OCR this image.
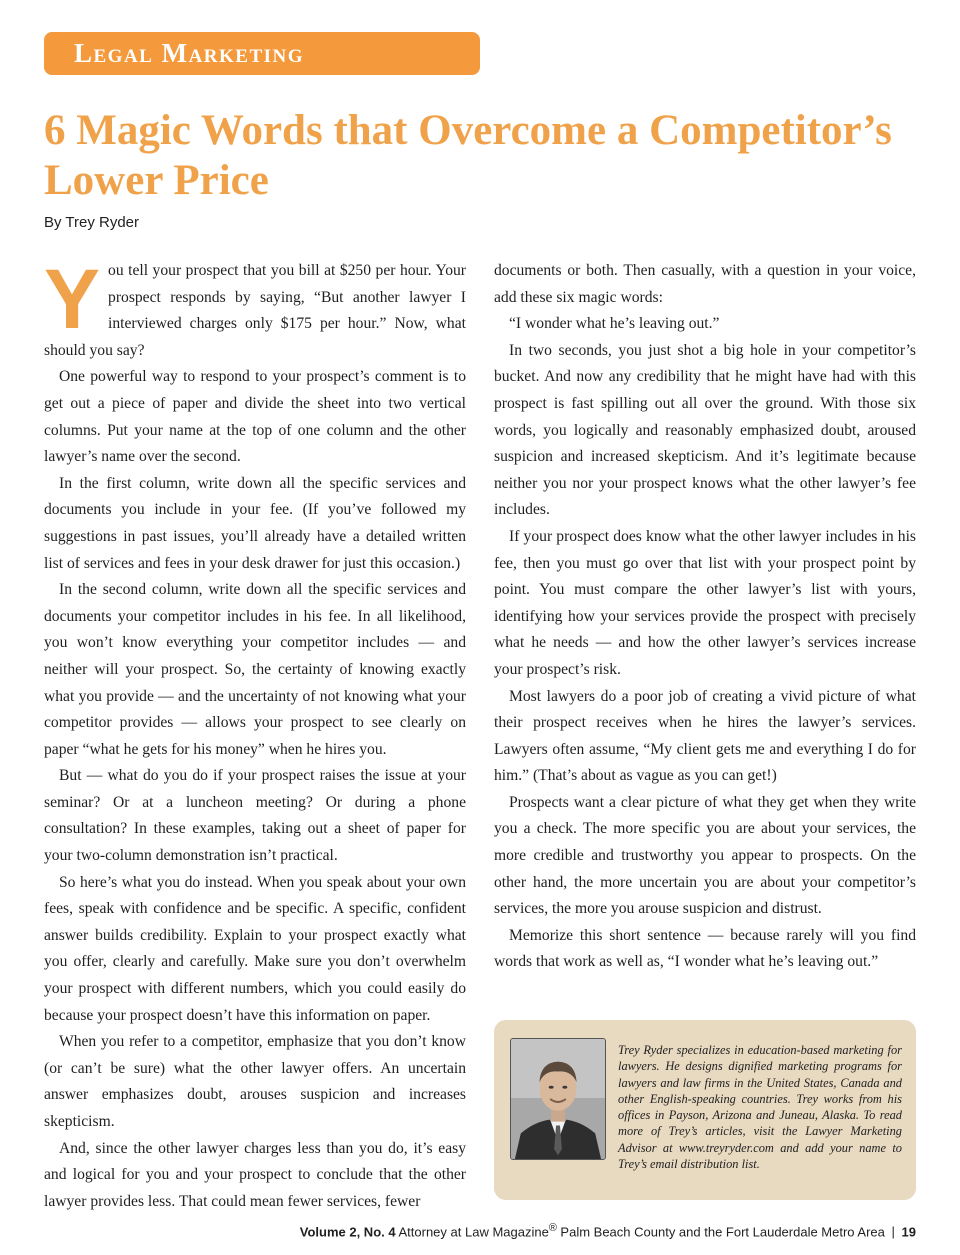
Legal Marketing
6 Magic Words that Overcome a Competitor’s Lower Price
By Trey Ryder

You tell your prospect that you bill at $250 per hour. Your prospect responds by saying, “But another lawyer I interviewed charges only $175 per hour.” Now, what should you say?

One powerful way to respond to your prospect’s comment is to get out a piece of paper and divide the sheet into two vertical columns. Put your name at the top of one column and the other lawyer’s name over the second.

In the first column, write down all the specific services and documents you include in your fee. (If you’ve followed my suggestions in past issues, you’ll already have a detailed written list of services and fees in your desk drawer for just this occasion.)

In the second column, write down all the specific services and documents your competitor includes in his fee. In all likelihood, you won’t know everything your competitor includes — and neither will your prospect. So, the certainty of knowing exactly what you provide — and the uncertainty of not knowing what your competitor provides — allows your prospect to see clearly on paper “what he gets for his money” when he hires you.

But — what do you do if your prospect raises the issue at your seminar? Or at a luncheon meeting? Or during a phone consultation? In these examples, taking out a sheet of paper for your two-column demonstration isn’t practical.

So here’s what you do instead. When you speak about your own fees, speak with confidence and be specific. A specific, confident answer builds credibility. Explain to your prospect exactly what you offer, clearly and carefully. Make sure you don’t overwhelm your prospect with different numbers, which you could easily do because your prospect doesn’t have this information on paper.

When you refer to a competitor, emphasize that you don’t know (or can’t be sure) what the other lawyer offers. An uncertain answer emphasizes doubt, arouses suspicion and increases skepticism.

And, since the other lawyer charges less than you do, it’s easy and logical for you and your prospect to conclude that the other lawyer provides less. That could mean fewer services, fewer

documents or both. Then casually, with a question in your voice, add these six magic words:

“I wonder what he’s leaving out.”

In two seconds, you just shot a big hole in your competitor’s bucket. And now any credibility that he might have had with this prospect is fast spilling out all over the ground. With those six words, you logically and reasonably emphasized doubt, aroused suspicion and increased skepticism. And it’s legitimate because neither you nor your prospect knows what the other lawyer’s fee includes.

If your prospect does know what the other lawyer includes in his fee, then you must go over that list with your prospect point by point. You must compare the other lawyer’s list with yours, identifying how your services provide the prospect with precisely what he needs — and how the other lawyer’s services increase your prospect’s risk.

Most lawyers do a poor job of creating a vivid picture of what their prospect receives when he hires the lawyer’s services. Lawyers often assume, “My client gets me and everything I do for him.” (That’s about as vague as you can get!)

Prospects want a clear picture of what they get when they write you a check. The more specific you are about your services, the more credible and trustworthy you appear to prospects. On the other hand, the more uncertain you are about your competitor’s services, the more you arouse suspicion and distrust.

Memorize this short sentence — because rarely will you find words that work as well as, “I wonder what he’s leaving out.”

Trey Ryder specializes in education-based marketing for lawyers. He designs dignified marketing programs for lawyers and law firms in the United States, Canada and other English-speaking countries. Trey works from his offices in Payson, Arizona and Juneau, Alaska. To read more of Trey’s articles, visit the Lawyer Marketing Advisor at www.treyryder.com and add your name to Trey’s email distribution list.

Volume 2, No. 4 Attorney at Law Magazine® Palm Beach County and the Fort Lauderdale Metro Area | 19
